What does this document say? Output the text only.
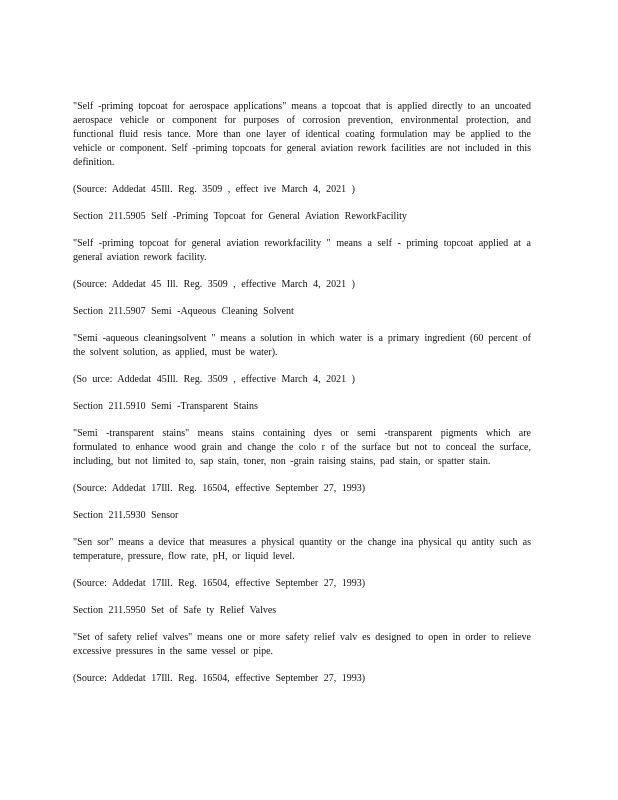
"Self -priming topcoat for aerospace applications" means a topcoat that is applied directly to an uncoated aerospace vehicle or component for purposes of corrosion prevention, environmental protection, and functional fluid resis tance. More than one layer of identical coating formulation may be applied to the vehicle or component. Self -priming topcoats for general aviation rework facilities are not included in this definition.

(Source: Addedat 45Ill. Reg. 3509 , effect ive March 4, 2021 )

Section 211.5905 Self -Priming Topcoat for General Aviation ReworkFacility

"Self -priming topcoat for general aviation reworkfacility " means a self - priming topcoat applied at a general aviation rework facility.

(Source: Addedat 45 Ill. Reg. 3509 , effective March 4, 2021 )

Section 211.5907 Semi -Aqueous Cleaning Solvent

"Semi -aqueous cleaningsolvent " means a solution in which water is a primary ingredient (60 percent of the solvent solution, as applied, must be water).

(So urce: Addedat 45Ill. Reg. 3509 , effective March 4, 2021 )

Section 211.5910 Semi -Transparent Stains

"Semi -transparent stains" means stains containing dyes or semi -transparent pigments which are formulated to enhance wood grain and change the colo r of the surface but not to conceal the surface, including, but not limited to, sap stain, toner, non -grain raising stains, pad stain, or spatter stain.

(Source: Addedat 17Ill. Reg. 16504, effective September 27, 1993)

Section 211.5930 Sensor

"Sen sor" means a device that measures a physical quantity or the change ina physical qu antity such as temperature, pressure, flow rate, pH, or liquid level.

(Source: Addedat 17Ill. Reg. 16504, effective September 27, 1993)

Section 211.5950 Set of Safe ty Relief Valves

"Set of safety relief valves" means one or more safety relief valv es designed to open in order to relieve excessive pressures in the same vessel or pipe.

(Source: Addedat 17Ill. Reg. 16504, effective September 27, 1993)
